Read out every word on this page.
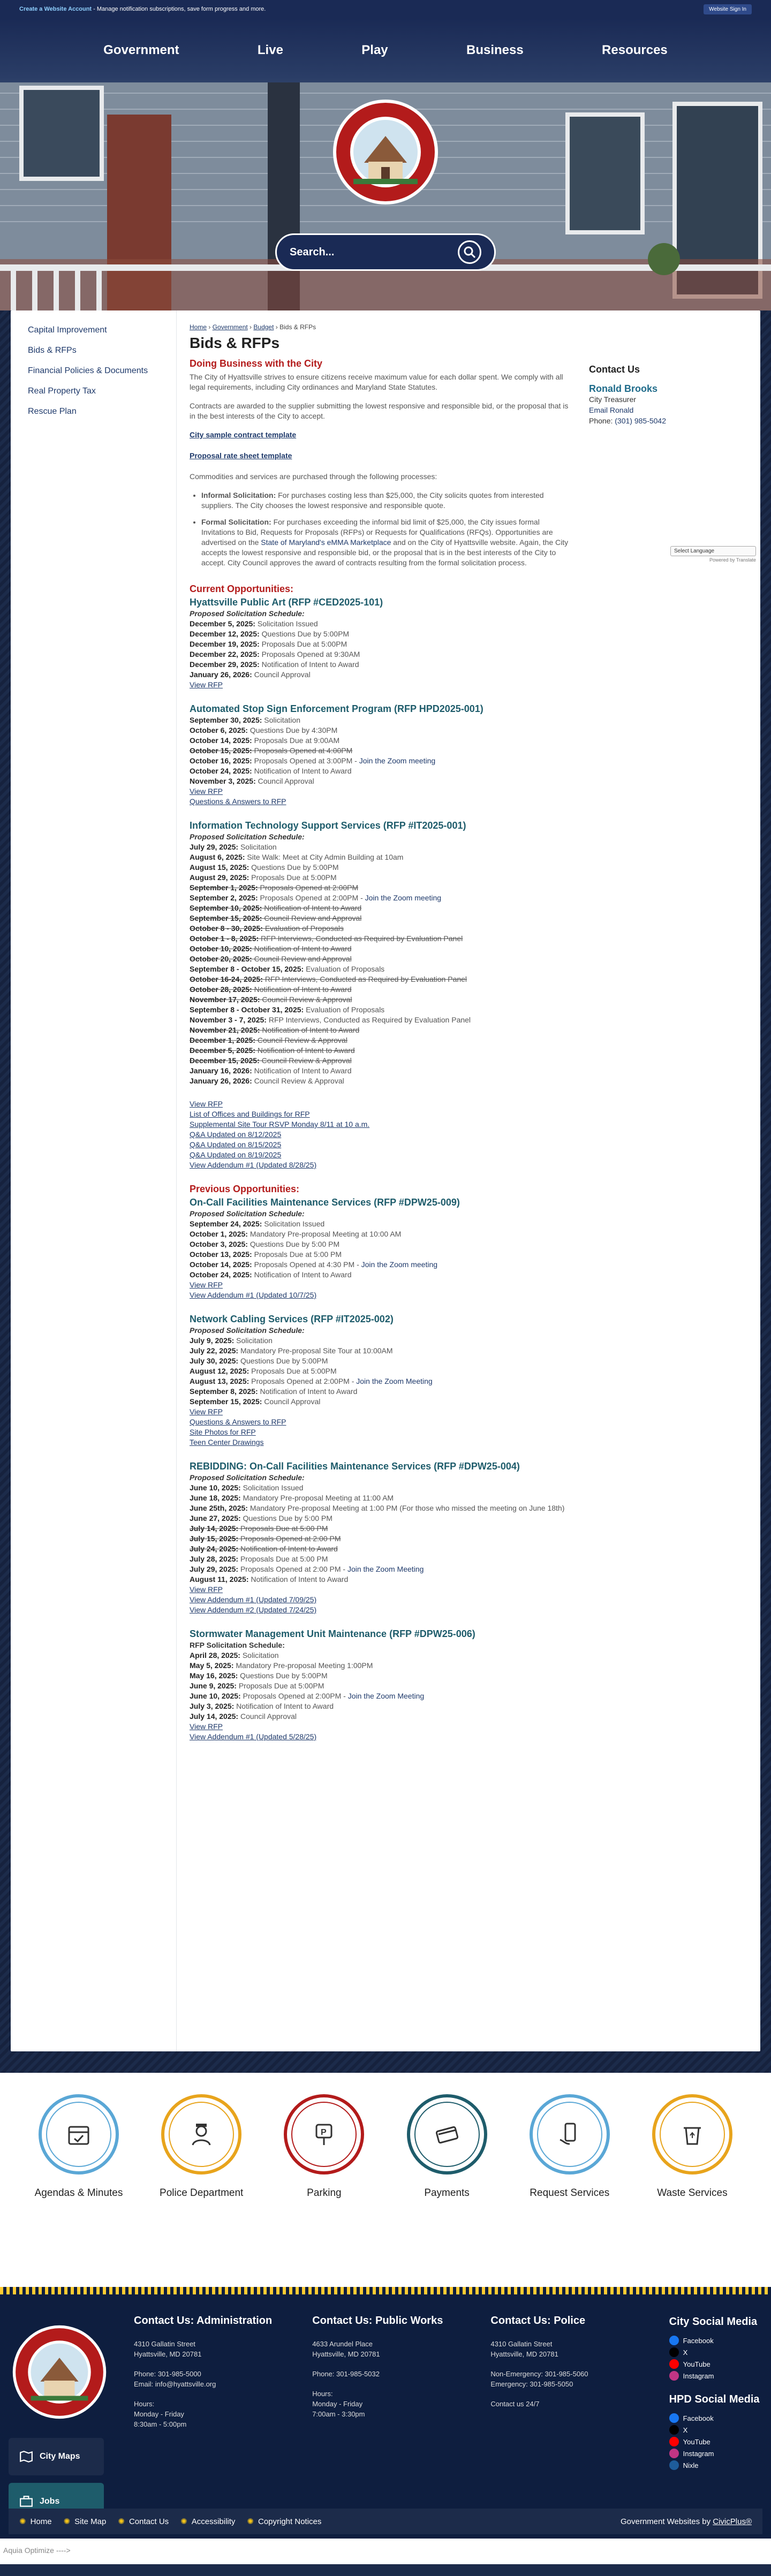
Create a Website Account - Manage notification subscriptions, save form progress and more.	Website Sign In
Government	Live	Play	Business	Resources
Search...
Capital Improvement
Bids & RFPs
Financial Policies & Documents
Real Property Tax
Rescue Plan
Home › Government › Budget › Bids & RFPs
Bids & RFPs
Doing Business with the City

The City of Hyattsville strives to ensure citizens receive maximum value for each dollar spent. We comply with all legal requirements, including City ordinances and Maryland State Statutes.

Contracts are awarded to the supplier submitting the lowest responsive and responsible bid, or the proposal that is in the best interests of the City to accept.

City sample contract template
Proposal rate sheet template

Commodities and services are purchased through the following processes:

• Informal Solicitation: For purchases costing less than $25,000, the City solicits quotes from interested suppliers. The City chooses the lowest responsive and responsible quote.
• Formal Solicitation: For purchases exceeding the informal bid limit of $25,000, the City issues formal Invitations to Bid, Requests for Proposals (RFPs) or Requests for Qualifications (RFQs). Opportunities are advertised on the State of Maryland's eMMA Marketplace and on the City of Hyattsville website. Again, the City accepts the lowest responsive and responsible bid, or the proposal that is in the best interests of the City to accept. City Council approves the award of contracts resulting from the formal solicitation process.
Current Opportunities:
Hyattsville Public Art (RFP #CED2025-101)
Proposed Solicitation Schedule:
December 5, 2025: Solicitation Issued
December 12, 2025: Questions Due by 5:00PM
December 19, 2025: Proposals Due at 5:00PM
December 22, 2025: Proposals Opened at 9:30AM
December 29, 2025: Notification of Intent to Award
January 26, 2026: Council Approval
View RFP
Automated Stop Sign Enforcement Program (RFP HPD2025-001)
September 30, 2025: Solicitation
October 6, 2025: Questions Due by 4:30PM
October 14, 2025: Proposals Due at 9:00AM
October 15, 2025: Proposals Opened at 4:00PM
October 16, 2025: Proposals Opened at 3:00PM - Join the Zoom meeting
October 24, 2025: Notification of Intent to Award
November 3, 2025: Council Approval
View RFP
Questions & Answers to RFP
Information Technology Support Services (RFP #IT2025-001)
Proposed Solicitation Schedule:
July 29, 2025: Solicitation
August 6, 2025: Site Walk: Meet at City Admin Building at 10am
August 15, 2025: Questions Due by 5:00PM
August 29, 2025: Proposals Due at 5:00PM
September 1, 2025: Proposals Opened at 2:00PM
September 2, 2025: Proposals Opened at 2:00PM - Join the Zoom meeting
September 10, 2025: Notification of Intent to Award
September 15, 2025: Council Review and Approval
October 8 - 30, 2025: Evaluation of Proposals
October 1 - 8, 2025: RFP Interviews, Conducted as Required by Evaluation Panel
October 10, 2025: Notification of Intent to Award
October 20, 2025: Council Review and Approval
September 8 - October 15, 2025: Evaluation of Proposals
October 16-24, 2025: RFP Interviews, Conducted as Required by Evaluation Panel
October 28, 2025: Notification of Intent to Award
November 17, 2025: Council Review & Approval
September 8 - October 31, 2025: Evaluation of Proposals
November 3 - 7, 2025: RFP Interviews, Conducted as Required by Evaluation Panel
November 21, 2025: Notification of Intent to Award
December 1, 2025: Council Review & Approval
December 5, 2025: Notification of Intent to Award
December 15, 2025: Council Review & Approval
January 16, 2026: Notification of Intent to Award
January 26, 2026: Council Review & Approval
View RFP
List of Offices and Buildings for RFP
Supplemental Site Tour RSVP Monday 8/11 at 10 a.m.
Q&A Updated on 8/12/2025
Q&A Updated on 8/15/2025
Q&A Updated on 8/19/2025
View Addendum #1 (Updated 8/28/25)
Previous Opportunities:
On-Call Facilities Maintenance Services (RFP #DPW25-009)
Proposed Solicitation Schedule:
September 24, 2025: Solicitation Issued
October 1, 2025: Mandatory Pre-proposal Meeting at 10:00 AM
October 3, 2025: Questions Due by 5:00 PM
October 13, 2025: Proposals Due at 5:00 PM
October 14, 2025: Proposals Opened at 4:30 PM - Join the Zoom meeting
October 24, 2025: Notification of Intent to Award
View RFP
View Addendum #1 (Updated 10/7/25)
Network Cabling Services (RFP #IT2025-002)
Proposed Solicitation Schedule:
July 9, 2025: Solicitation
July 22, 2025: Mandatory Pre-proposal Site Tour at 10:00AM
July 30, 2025: Questions Due by 5:00PM
August 12, 2025: Proposals Due at 5:00PM
August 13, 2025: Proposals Opened at 2:00PM - Join the Zoom Meeting
September 8, 2025: Notification of Intent to Award
September 15, 2025: Council Approval
View RFP
Questions & Answers to RFP
Site Photos for RFP
Teen Center Drawings
REBIDDING: On-Call Facilities Maintenance Services (RFP #DPW25-004)
Proposed Solicitation Schedule:
June 10, 2025: Solicitation Issued
June 18, 2025: Mandatory Pre-proposal Meeting at 11:00 AM
June 25th, 2025: Mandatory Pre-proposal Meeting at 1:00 PM (For those who missed the meeting on June 18th)
June 27, 2025: Questions Due by 5:00 PM
July 14, 2025: Proposals Due at 5:00 PM
July 15, 2025: Proposals Opened at 2:00 PM
July 24, 2025: Notification of Intent to Award
July 28, 2025: Proposals Due at 5:00 PM
July 29, 2025: Proposals Opened at 2:00 PM - Join the Zoom Meeting
August 11, 2025: Notification of Intent to Award
View RFP
View Addendum #1 (Updated 7/09/25)
View Addendum #2 (Updated 7/24/25)
Stormwater Management Unit Maintenance (RFP #DPW25-006)
RFP Solicitation Schedule:
April 28, 2025: Solicitation
May 5, 2025: Mandatory Pre-proposal Meeting 1:00PM
May 16, 2025: Questions Due by 5:00PM
June 9, 2025: Proposals Due at 5:00PM
June 10, 2025: Proposals Opened at 2:00PM - Join the Zoom Meeting
July 3, 2025: Notification of Intent to Award
July 14, 2025: Council Approval
View RFP
View Addendum #1 (Updated 5/28/25)
Contact Us
Ronald Brooks
City Treasurer
Email Ronald
Phone: (301) 985-5042
Select Language
Powered by Translate
Agendas & Minutes	Police Department
P
Parking	Payments	Request Services	Waste Services
City Maps
Jobs
Contact Us: Administration
4310 Gallatin Street
Hyattsville, MD 20781
Phone: 301-985-5000
Email: info@hyattsville.org
Hours:
Monday - Friday
8:30am - 5:00pm
Contact Us: Public Works
4633 Arundel Place
Hyattsville, MD 20781
Phone: 301-985-5032
Hours:
Monday - Friday
7:00am - 3:30pm
Contact Us: Police
4310 Gallatin Street
Hyattsville, MD 20781
Non-Emergency: 301-985-5060
Emergency: 301-985-5050
Contact us 24/7
City Social Media
Facebook
X
YouTube
Instagram
HPD Social Media
Facebook
X
YouTube
Instagram
Nixle
✺ Home ✺ Site Map ✺ Contact Us ✺ Accessibility ✺ Copyright Notices	Government Websites by CivicPlus®
Aquia Optimize ---->
